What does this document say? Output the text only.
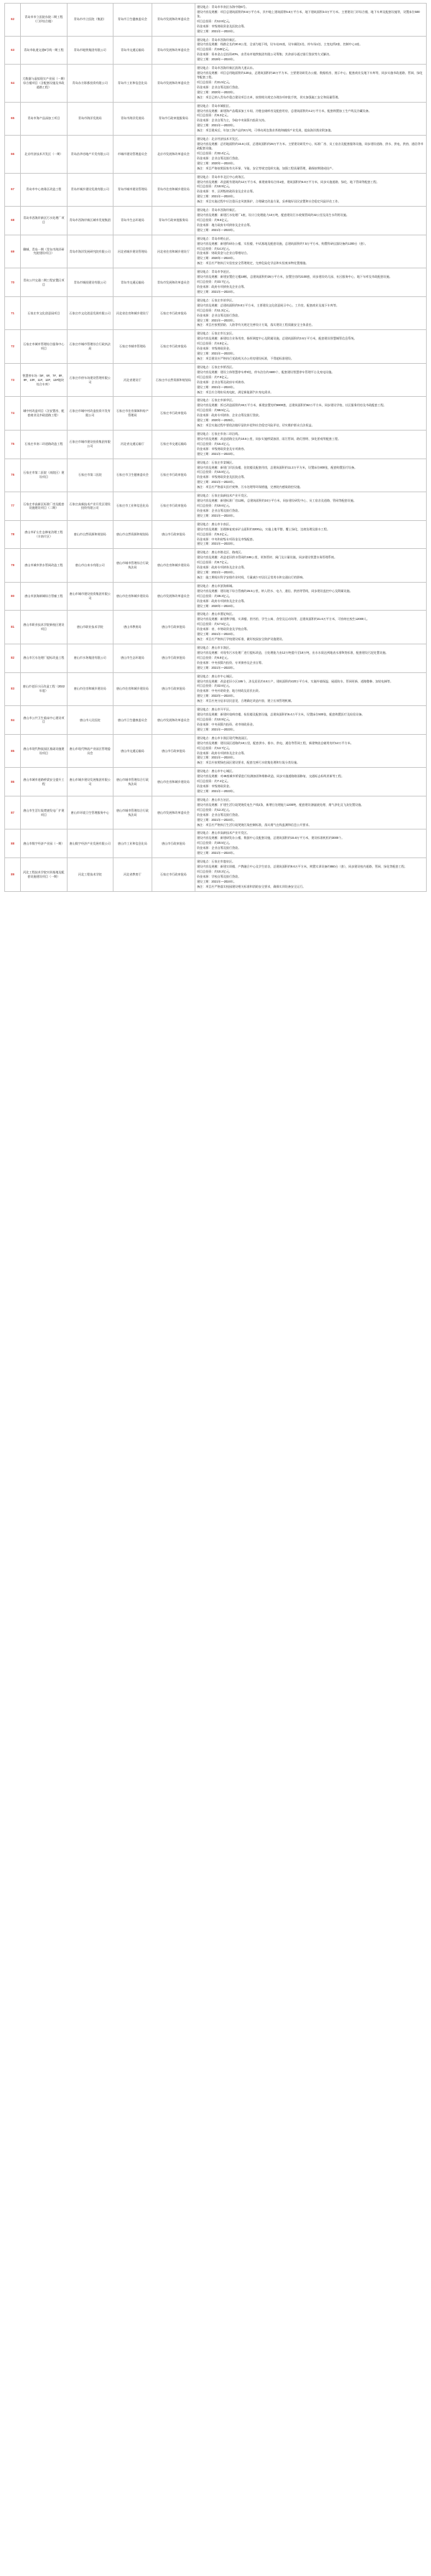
62	青岛市市立医院东院二期工程（门诊综合楼）	青岛市市立医院（集团）	青岛市卫生健康委员会	青岛市发展和改革委员会	建设地点：青岛市市南区东海中路5号。

建设内容及规模：项目总建筑面积约8.6万平方米，其中地上建筑面积5.6万平方米，地下建筑面积3.0万平方米。主要建设门诊综合楼、地下车库及配套设施等，设置床位500张。

项目总投资：约12.8亿元。

资金来源：市级财政资金及医院自筹。

建设工期：2021年—2024年。

63	青岛市轨道交通6号线一期工程	青岛市地铁集团有限公司	青岛市交通运输局	青岛市发展和改革委员会	建设地点：青岛市西海岸新区。

建设内容及规模：线路全长约30.8公里，全部为地下线，设车站21座，设车辆段1处、停车场1处、主变电所2座、控制中心1座。

项目总投资：约248亿元。

资金来源：资本金占总投资40%，由青岛市地铁集团有限公司筹集；其余部分通过银行贷款等方式解决。

建设工期：2019年—2024年。

64	大数据与虚拟现实产业园（一期）综合楼项目（含配套设施及市政道路工程）	青岛东方影都投资有限公司	青岛市工业和信息化局	青岛市发展和改革委员会	

建设地点：青岛市西海岸新区滨海大道以东。

建设内容及规模：项目总用地面积约120亩，总建筑面积约18万平方米。主要建设研发办公楼、数据机房、展示中心、配套商业及地下车库等，同步实施市政道路、管网、绿化等配套工程。

项目总投资：约21.5亿元。

资金来源：企业自筹及银行贷款。

建设工期：2020年—2023年。

备注：项目已纳入青岛市重点建设项目名单，按照相关规定办理各项审批手续，切实加强施工安全和质量管理。

65	青岛市海产品深加工项目	青岛市海洋发展局	青岛市海洋发展局	青岛市行政审批服务局	

建设地点：青岛市城阳区。

建设内容及规模：新建海产品精深加工车间、冷链仓储库房及配套用房，总建筑面积约4.2万平方米，配套购置加工生产线及冷藏设备。

项目总投资：约6.3亿元。

资金来源：企业自筹为主，争取中央预算内投资支持。

建设工期：2021年—2023年。

备注：项目建成后，年加工海产品约8万吨，可带动周边渔业养殖和捕捞产业发展，提高海洋渔业附加值。

66	北京经济技术开发区（一期）	青岛昌华房地产开发有限公司	市城市建设管理委员会	北京市发展和改革委员会	

建设地点：北京经济技术开发区。

建设内容及规模：总用地面积约15.6公顷，总建筑面积约28万平方米。主要建设研发中心、标准厂房、员工宿舍及配套服务设施，同步建设道路、供水、供电、供热、通信等市政配套设施。

项目总投资：约32.4亿元。

资金来源：企业自筹及银行贷款。

建设工期：2020年—2024年。

备注：项目严格按照国家有关环保、节能、安全等规定组织实施，加强工程质量管理，确保按期建成投产。

67	青岛市中心商务区改造工程	青岛市城乡建设发展有限公司	青岛市城市建设管理局	青岛市住房和城乡建设局	

建设地点：青岛市市北区中心商务区。

建设内容及规模：改造既有建筑约12万平方米，新建商务综合体1座，建筑面积约6.8万平方米，同步实施道路、绿化、地下管网等配套工程。

项目总投资：约18.9亿元。

资金来源：市、区两级财政资金及企业自筹。

建设工期：2021年—2024年。

备注：项目实施过程中应注重历史风貌保护，合理确定改造方案，妥善做好居民安置和社会稳定风险评估工作。

68	青岛市西海岸新区污水处理厂项目	青岛市西海岸新区城市发展集团	青岛市生态环境局	青岛市行政审批服务局	建设地点：青岛市西海岸新区。

建设内容及规模：新建污水处理厂1座，设计日处理能力10万吨，配套建设污水收集管网约32公里及再生水利用设施。

项目总投资：约9.6亿元。

资金来源：地方政府专项债券及企业自筹。

建设工期：2021年—2023年。

69	聊城、青岛一期（青岛市海洋研究院建设项目）	青岛市海洋发展研究院有限公司	河北省城乡建设管理局	河北省住房和城乡建设厅	

建设地点：青岛市崂山区。

建设内容及规模：新建科研办公楼、实验楼、中试基地及配套设施，总建筑面积约7.5万平方米，购置科研仪器设备约1200台（套）。

项目总投资：约14.2亿元。

资金来源：财政资金与企业自筹相结合。

建设工期：2020年—2024年。

备注：项目应严格执行实验室安全管理规定，完善危险化学品和实验废弃物处置措施。

70	青岛公共交通二期工程安置区项目	青岛市城投建设有限公司	青岛市交通运输局	青岛市发展和改革委员会	建设地点：青岛市李沧区。

建设内容及规模：新建安置住宅楼18栋，总建筑面积约26万平方米，安置住房约2100套，同步建设幼儿园、社区服务中心、地下车库及市政配套设施。

项目总投资：约23.7亿元。

资金来源：政府专项债券及企业自筹。

建设工期：2021年—2024年。

71	石家庄市文化创意园项目	石家庄市文化创意发展有限公司	河北省住房和城乡建设厅	石家庄市行政审批局	

建设地点：石家庄市裕华区。

建设内容及规模：总建筑面积约9.8万平方米，主要建设文化创意展示中心、工作室、配套商业及地下车库等。

项目总投资：约11.3亿元。

资金来源：企业自筹及银行贷款。

建设工期：2021年—2023年。

备注：项目应按照消防、人防等有关规定完善设计方案，落实建设工程质量安全主体责任。

72	石家庄市城市管理综合服务中心项目	石家庄市城市管理综合行政执法局	石家庄市城市管理局	石家庄市行政审批局	

建设地点：石家庄市长安区。

建设内容及规模：新建综合业务用房、指挥调度中心及附属设施，总建筑面积约3.6万平方米，配套建设智慧城管信息系统。

项目总投资：约4.8亿元。

资金来源：市级财政资金。

建设工期：2021年—2023年。

备注：项目建设应严格执行党政机关办公用房建设标准，不得超标准建设。

73	智慧停车场（5#、6#、7#、8#、9#、10#、11#、12#、13#地块综合车库）	石家庄市停车场建设管理有限公司	河北省建设厅	石家庄市自然资源和规划局	

建设地点：石家庄市桥西区。

建设内容及规模：建设立体智慧停车库9处，停车泊位约4600个，配套建设智慧停车管理平台及充电设施。

项目总投资：约7.9亿元。

资金来源：企业自筹及政府专项债券。

建设工期：2021年—2024年。

备注：项目应合理布局充电桩，满足新能源汽车充电需求。

74	城中村改造项目（含安置房、配套商业及市政道路工程）	石家庄市城中村改造投资开发有限公司	石家庄市住房保障和房产管理局	石家庄市行政审批局	

建设地点：石家庄市新华区。

建设内容及规模：拆迁改造面积约46万平方米，新建安置房约5800套，总建筑面积约62万平方米，同步建设学校、社区服务用房及市政配套工程。

项目总投资：约68.5亿元。

资金来源：政府专项债券、企业自筹及银行贷款。

建设工期：2020年—2025年。

备注：项目实施过程中要依法做好征收补偿和社会稳定风险评估，切实维护群众合法权益。

75	石家庄市南二环道路改造工程	石家庄市城市建设投资集团有限公司	河北省交通运输厅	石家庄市交通运输局	建设地点：石家庄市南二环沿线。

建设内容及规模：改造道路全长约18.6公里，同步实施桥梁加固、雨污管网、路灯照明、绿化景观等配套工程。

项目总投资：约16.4亿元。

资金来源：市级财政资金及专项债券。

建设工期：2021年—2023年。

76	石家庄市第二医院（南院区）建设项目	石家庄市第二医院	石家庄市卫生健康委员会	石家庄市行政审批局	

建设地点：石家庄市栾城区。

建设内容及规模：新建门诊医技楼、住院楼及配套用房，总建筑面积约11.2万平方米，设置床位800张，配套购置医疗设备。

项目总投资：约15.8亿元。

资金来源：市级财政资金及医院自筹。

建设工期：2021年—2024年。

备注：项目应严格落实医疗废物、污水处理等环保措施，完善院内感染防控设施。

77	石家庄市高新区标准厂房及配套设施建设项目（二期）	石家庄高新技术产业开发区建设投资有限公司	石家庄市工业和信息化局	石家庄市行政审批局	建设地点：石家庄高新技术产业开发区。

建设内容及规模：新建标准厂房12栋，总建筑面积约24万平方米，同步建设研发中心、员工宿舍及道路、管网等配套设施。

项目总投资：约19.6亿元。

资金来源：企业自筹及银行贷款。

建设工期：2021年—2024年。

78	唐山市矿山生态修复治理工程（丰南片区）	唐山市自然资源和规划局	唐山市自然资源和规划局	唐山市行政审批局	建设地点：唐山市丰南区。

建设内容及规模：治理修复废弃矿山面积约3200亩，实施土地平整、覆土绿化、边坡治理及排水工程。

项目总投资：约5.2亿元。

资金来源：中央和省级专项资金及市级配套。

建设工期：2021年—2023年。

79	唐山市城市供水管网改造工程	唐山市自来水有限公司	唐山市城市管理综合行政执法局	唐山市住房和城乡建设局	

建设地点：唐山市路北区、路南区。

建设内容及规模：改造老旧供水管网约186公里，更换管材、阀门及计量设施，同步建设智慧水务管理系统。

项目总投资：约8.7亿元。

资金来源：政府专项债券及企业自筹。

建设工期：2021年—2024年。

备注：施工期间应科学安排作业时间，尽量减少对居民正常用水和交通出行的影响。

80	唐山市滨海新城综合管廊工程	唐山市城市建设投资集团有限公司	唐山市住房和城乡建设局	唐山市发展和改革委员会	建设地点：唐山市滨海新城。

建设内容及规模：建设地下综合管廊约26.5公里，纳入给水、电力、通信、供热等管线，同步建设监控中心及附属设施。

项目总投资：约28.3亿元。

资金来源：政府专项债券及企业自筹。

建设工期：2020年—2024年。

81	唐山市职业技术学院新校区建设项目	唐山市职业技术学院	唐山市教育局	唐山市行政审批局	

建设地点：唐山市曹妃甸区。

建设内容及规模：新建教学楼、实训楼、图书馆、学生公寓、食堂及运动场等，总建筑面积约21.6万平方米，可容纳在校生12000人。

项目总投资：约17.5亿元。

资金来源：省、市财政资金及学校自筹。

建设工期：2021年—2024年。

备注：项目应严格执行学校建设标准，做好校园安全防护设施建设。

82	唐山市污水处理厂提标改造工程	唐山市水务集团有限公司	唐山市生态环境局	唐山市行政审批局	建设地点：唐山市丰润区。

建设内容及规模：对现有污水处理厂进行提标改造，日处理能力由12万吨提升至18万吨，出水水质达到地表水准Ⅳ类标准，配套建设污泥处置设施。

项目总投资：约6.8亿元。

资金来源：中央预算内投资、专项债券及企业自筹。

建设工期：2021年—2023年。

83	唐山市老旧小区改造工程（2022年度）	唐山市住房和城乡建设局	唐山市住房和城乡建设局	唐山市行政审批局	

建设地点：唐山市中心城区。

建设内容及规模：改造老旧小区186个，涉及居民约4.6万户，建筑面积约420万平方米，实施外墙保温、屋面防水、管网更新、道路整修、加装电梯等。

项目总投资：约22.6亿元。

资金来源：中央补助资金、地方财政及居民出资。

建设工期：2022年—2024年。

备注：项目应充分征求居民意见，合理确定改造内容，建立长效管理机制。

84	唐山市公共卫生临床中心建设项目	唐山市人民医院	唐山市卫生健康委员会	唐山市发展和改革委员会	建设地点：唐山市开平区。

建设内容及规模：新建传染病房楼、检验楼及配套设施，总建筑面积约6.4万平方米，设置床位500张，配套购置医疗及检验设备。

项目总投资：约10.9亿元。

资金来源：中央预算内投资、省市财政资金。

建设工期：2021年—2023年。

85	唐山市现代物流园区基础设施建设项目	唐山市现代物流产业园区管理委员会	唐山市交通运输局	唐山市行政审批局	

建设地点：唐山市丰润区现代物流园区。

建设内容及规模：建设园区道路约18公里，配套供水、排水、供电、通信等管网工程，新建物流仓储用房约12万平方米。

项目总投资：约13.7亿元。

资金来源：政府专项债券及企业自筹。

建设工期：2021年—2024年。

备注：项目应按照绿色园区建设要求，配套完善污水收集处理和垃圾分类设施。

86	唐山市城市道路桥梁安全提升工程	唐山市城乡建设发展集团有限公司	唐山市城市管理综合行政执法局	唐山市住房和城乡建设局	建设地点：唐山市中心城区。

建设内容及规模：对48座城市桥梁进行检测加固和维修改造，同步实施道路路面修复、交通标志标线更新等工程。

项目总投资：约7.4亿元。

资金来源：市级财政资金。

建设工期：2021年—2023年。

87	唐山市生活垃圾焚烧发电厂扩建项目	唐山市环境卫生管理服务中心	唐山市城市管理综合行政执法局	唐山市发展和改革委员会	

建设地点：唐山市古冶区。

建设内容及规模：扩建生活垃圾焚烧发电生产线2条，新增日处理能力1200吨，配套建设渗滤液处理、烟气净化及飞灰处置设施。

项目总投资：约12.3亿元。

资金来源：企业自筹及银行贷款。

建设工期：2021年—2024年。

备注：项目应严格执行生活垃圾焚烧污染控制标准，落实烟气在线监测和信息公开要求。

88	唐山市数字经济产业园（一期）	唐山数字经济产业发展有限公司	唐山市工业和信息化局	唐山市行政审批局	建设地点：唐山市高新技术产业开发区。

建设内容及规模：新建研发办公楼、数据中心及配套设施，总建筑面积约15.8万平方米，建设标准机柜约3000个。

项目总投资：约20.5亿元。

资金来源：企业自筹及银行贷款。

建设工期：2021年—2024年。

89	河北工程技术学院实训基地及配套设施建设项目（一期）	河北工程技术学院	河北省教育厅	石家庄市行政审批局	

建设地点：石家庄市鹿泉区。

建设内容及规模：新建实训楼、产教融合中心及学生宿舍，总建筑面积约9.6万平方米，购置实训设备约860台（套），同步建设校内道路、管网、绿化等配套工程。

项目总投资：约10.2亿元。

资金来源：学校自筹及银行贷款。

建设工期：2021年—2024年。

备注：项目应严格落实校园建设相关标准和消防安全要求，确保实训设备安全运行。
